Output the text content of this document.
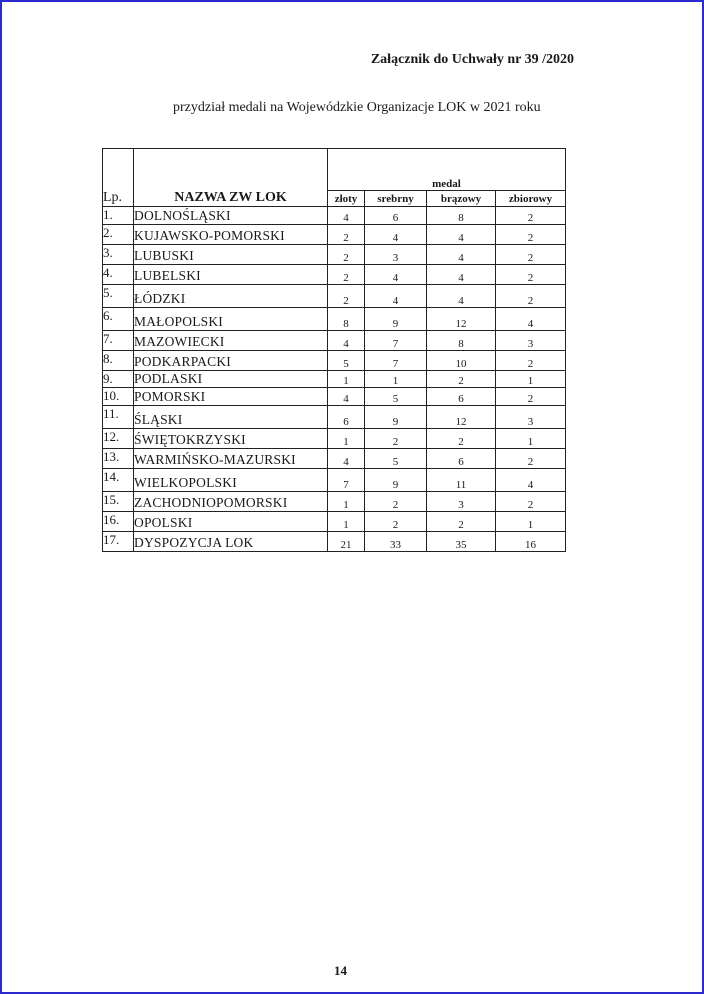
Załącznik do Uchwały nr 39 /2020
przydział medali na Wojewódzkie Organizacje LOK w 2021 roku
Lp.	NAZWA ZW LOK	medal			
		złoty	srebrny	brązowy	zbiorowy
1.	DOLNOŚLĄSKI	4	6	8	2
2.	KUJAWSKO-POMORSKI	2	4	4	2
3.	LUBUSKI	2	3	4	2
4.	LUBELSKI	2	4	4	2
5.	ŁÓDZKI	2	4	4	2
6.	MAŁOPOLSKI	8	9	12	4
7.	MAZOWIECKI	4	7	8	3
8.	PODKARPACKI	5	7	10	2
9.	PODLASKI	1	1	2	1
10.	POMORSKI	4	5	6	2
11.	ŚLĄSKI	6	9	12	3
12.	ŚWIĘTOKRZYSKI	1	2	2	1
13.	WARMIŃSKO-MAZURSKI	4	5	6	2
14.	WIELKOPOLSKI	7	9	11	4
15.	ZACHODNIOPOMORSKI	1	2	3	2
16.	OPOLSKI	1	2	2	1
17.	DYSPOZYCJA LOK	21	33	35	16
14
